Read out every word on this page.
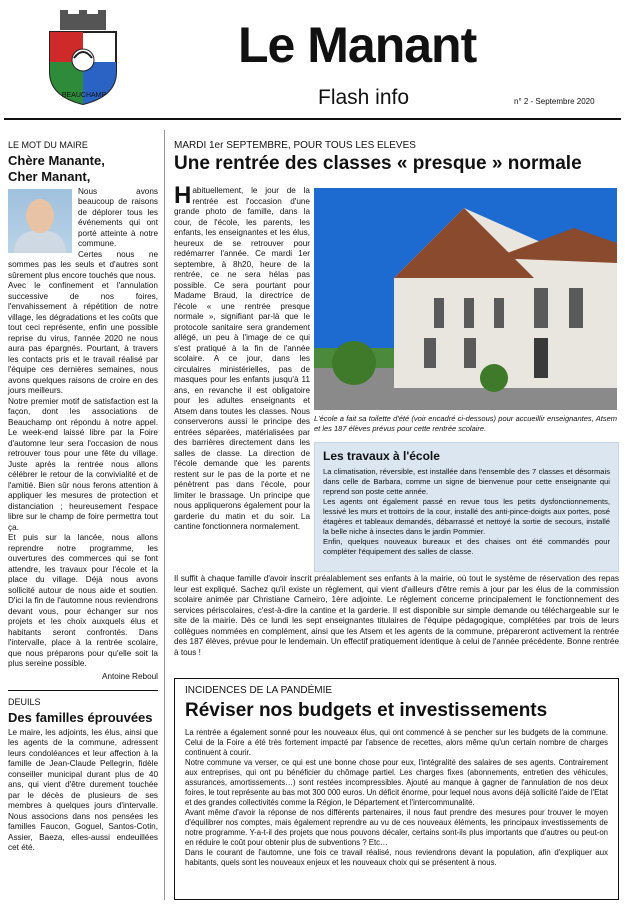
BEAUCHAMP
Le Manant
Flash info	n° 2 - Septembre 2020
LE MOT DU MAIRE
Chère Manante,
Cher Manant,

Nous avons beaucoup de raisons de déplorer tous les événements qui ont porté atteinte à notre commune.

Certes nous ne sommes pas les seuls et d'autres sont sûrement plus encore touchés que nous.

Avec le confinement et l'annulation successive de nos foires, l'envahissement à répétition de notre village, les dégradations et les coûts que tout ceci représente, enfin une possible reprise du virus, l'année 2020 ne nous aura pas épargnés. Pourtant, à travers les contacts pris et le travail réalisé par l'équipe ces dernières semaines, nous avons quelques raisons de croire en des jours meilleurs.

Notre premier motif de satisfaction est la façon, dont les associations de Beauchamp ont répondu à notre appel. Le week-end laissé libre par la Foire d'automne leur sera l'occasion de nous retrouver tous pour une fête du village. Juste après la rentrée nous allons célébrer le retour de la convivialité et de l'amitié. Bien sûr nous ferons attention à appliquer les mesures de protection et distanciation ; heureusement l'espace libre sur le champ de foire permettra tout ça.

Et puis sur la lancée, nous allons reprendre notre programme, les ouvertures des commerces qui se font attendre, les travaux pour l'école et la place du village. Déjà nous avons sollicité autour de nous aide et soutien. D'ici la fin de l'automne nous reviendrons devant vous, pour échanger sur nos projets et les choix auxquels élus et habitants seront confrontés. Dans l'intervalle, place à la rentrée scolaire, que nous préparons pour qu'elle soit la plus sereine possible.

Antoine Reboul

DEUILS
Des familles éprouvées

Le maire, les adjoints, les élus, ainsi que les agents de la commune, adressent leurs condoléances et leur affection à la famille de Jean-Claude Pellegrin, fidèle conseiller municipal durant plus de 40 ans, qui vient d'être durement touchée par le décès de plusieurs de ses membres à quelques jours d'intervalle. Nous associons dans nos pensées les familles Faucon, Goguel, Santos-Cotin, Assier, Baeza, elles-aussi endeuillées cet été.

MARDI 1er SEPTEMBRE, POUR TOUS LES ELEVES
Une rentrée des classes « presque » normale
Habituellement, le jour de la rentrée est l'occasion d'une grande photo de famille, dans la cour, de l'école, les parents, les enfants, les enseignantes et les élus, heureux de se retrouver pour redémarrer l'année. Ce mardi 1er septembre, à 8h20, heure de la rentrée, ce ne sera hélas pas possible. Ce sera pourtant pour Madame Braud, la directrice de l'école « une rentrée presque normale », signifiant par-là que le protocole sanitaire sera grandement allégé, un peu à l'image de ce qui s'est pratiqué à la fin de l'année scolaire. A ce jour, dans les circulaires ministérielles, pas de masques pour les enfants jusqu'à 11 ans, en revanche il est obligatoire pour les adultes enseignants et Atsem dans toutes les classes. Nous conserverons aussi le principe des entrées séparées, matérialisées par des barrières directement dans les salles de classe. La direction de l'école demande que les parents restent sur le pas de la porte et ne pénètrent pas dans l'école, pour limiter le brassage. Un principe que nous appliquerons également pour la garderie du matin et du soir. La cantine fonctionnera normalement.
L'école a fait sa toilette d'été (voir encadré ci-dessous) pour accueillir enseignantes, Atsem et les 187 élèves prévus pour cette rentrée scolaire.
Les travaux à l'école

La climatisation, réversible, est installée dans l'ensemble des 7 classes et désormais dans celle de Barbara, comme un signe de bienvenue pour cette enseignante qui reprend son poste cette année.

Les agents ont également passé en revue tous les petits dysfonctionnements, lessivé les murs et trottoirs de la cour, installé des anti-pince-doigts aux portes, posé étagères et tableaux demandés, débarrassé et nettoyé la sortie de secours, installé la belle niche à insectes dans le jardin Pommier.

Enfin, quelques nouveaux bureaux et des chaises ont été commandés pour compléter l'équipement des salles de classe.

Il suffit à chaque famille d'avoir inscrit préalablement ses enfants à la mairie, où tout le système de réservation des repas leur est expliqué. Sachez qu'il existe un règlement, qui vient d'ailleurs d'être remis à jour par les élus de la commission scolaire animée par Christiane Carneiro, 1ère adjointe. Le règlement concerne principalement le fonctionnement des services périscolaires, c'est-à-dire la cantine et la garderie. Il est disponible sur simple demande ou téléchargeable sur le site de la mairie. Dès ce lundi les sept enseignantes titulaires de l'équipe pédagogique, complétées par trois de leurs collègues nommées en complément, ainsi que les Atsem et les agents de la commune, prépareront activement la rentrée des 187 élèves, prévue pour le lendemain. Un effectif pratiquement identique à celui de l'année précédente. Bonne rentrée à tous !
INCIDENCES DE LA PANDÉMIE
Réviser nos budgets et investissements

La rentrée a également sonné pour les nouveaux élus, qui ont commencé à se pencher sur les budgets de la commune. Celui de la Foire a été très fortement impacté par l'absence de recettes, alors même qu'un certain nombre de charges continuent à courir.

Notre commune va verser, ce qui est une bonne chose pour eux, l'intégralité des salaires de ses agents. Contrairement aux entreprises, qui ont pu bénéficier du chômage partiel. Les charges fixes (abonnements, entretien des véhicules, assurances, amortissements…) sont restées incompressibles. Ajouté au manque à gagner de l'annulation de nos deux foires, le tout représente au bas mot 300 000 euros. Un déficit énorme, pour lequel nous avons déjà sollicité l'aide de l'Etat et des grandes collectivités comme la Région, le Département et l'intercommunalité.

Avant même d'avoir la réponse de nos différents partenaires, il nous faut prendre des mesures pour trouver le moyen d'équilibrer nos comptes, mais également reprendre au vu de ces nouveaux éléments, les principaux investissements de notre programme. Y-a-t-il des projets que nous pouvons décaler, certains sont-ils plus importants que d'autres ou peut-on en réduire le coût pour obtenir plus de subventions ? Etc…

Dans le courant de l'automne, une fois ce travail réalisé, nous reviendrons devant la population, afin d'expliquer aux habitants, quels sont les nouveaux enjeux et les nouveaux choix qui se présentent à nous.
